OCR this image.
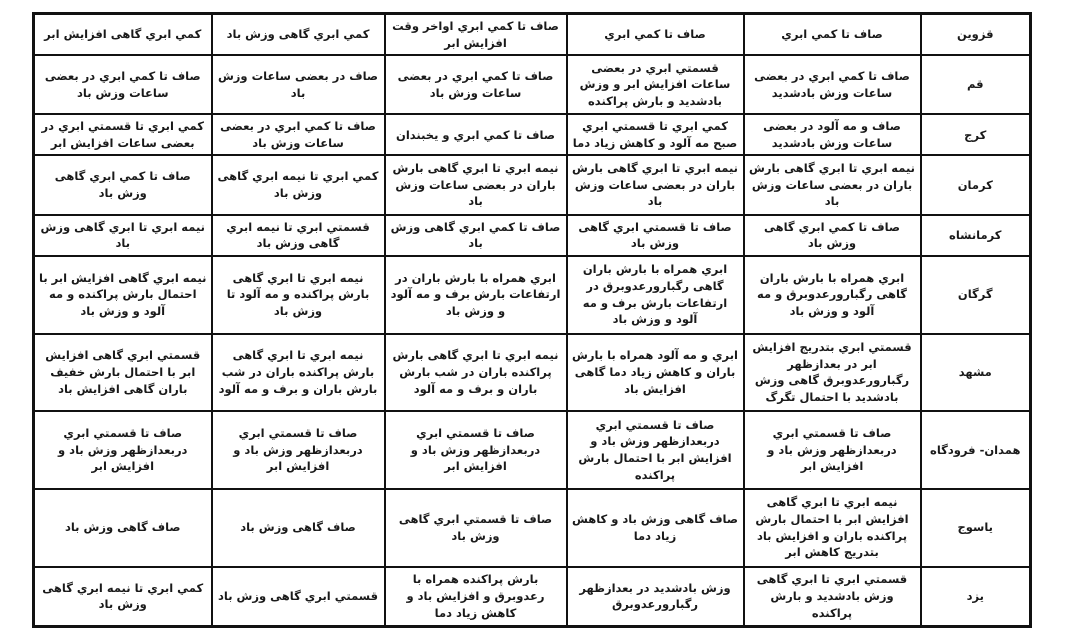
قزوين	صاف تا کمي ابري	صاف تا کمي ابري	صاف تا کمي ابري اواخر وقت افزايش ابر	کمي ابري گاهی وزش باد	کمي ابري گاهی افزايش ابر
قم	صاف تا کمي ابري در بعضی ساعات وزش بادشديد	قسمتي ابري در بعضی ساعات افزايش ابر و وزش بادشديد و بارش پراکنده	صاف تا کمي ابري در بعضی ساعات وزش باد	صاف در بعضی ساعات وزش باد	صاف تا کمي ابري در بعضی ساعات وزش باد
کرج	صاف و مه آلود در بعضی ساعات وزش بادشديد	کمي ابري تا قسمتي ابري صبح مه آلود و کاهش زياد دما	صاف تا کمي ابري و يخبندان	صاف تا کمي ابري در بعضی ساعات وزش باد	کمي ابري تا قسمتي ابري در بعضی ساعات افزايش ابر
کرمان	نيمه ابري تا ابري گاهی بارش باران در بعضی ساعات وزش باد	نيمه ابري تا ابري گاهی بارش باران در بعضی ساعات وزش باد	نيمه ابري تا ابري گاهی بارش باران در بعضی ساعات وزش باد	کمي ابري تا نيمه ابري گاهی وزش باد	صاف تا کمي ابري گاهی وزش باد
کرمانشاه	صاف تا کمي ابري گاهی وزش باد	صاف تا قسمتي ابري گاهی وزش باد	صاف تا کمي ابري گاهی وزش باد	قسمتي ابري تا نيمه ابري گاهی وزش باد	نيمه ابري تا ابري گاهی وزش باد
گرگان	ابري همراه با بارش باران گاهی رگبارورعدوبرق و مه آلود و وزش باد	ابري همراه با بارش باران گاهی رگبارورعدوبرق در ارتفاعات بارش برف و مه آلود و وزش باد	ابري همراه با بارش باران در ارتفاعات بارش برف و مه آلود و وزش باد	نيمه ابري تا ابري گاهی بارش پراکنده و مه آلود تا وزش باد	نيمه ابري گاهی افزايش ابر با احتمال بارش پراکنده و مه آلود و وزش باد
مشهد	قسمتي ابري بتدريج افزايش ابر در بعدازظهر رگبارورعدوبرق گاهی وزش بادشديد با احتمال تگرگ	ابري و مه آلود همراه با بارش باران و کاهش زياد دما گاهی افزايش باد	نيمه ابري تا ابري گاهی بارش پراکنده باران در شب بارش باران و برف و مه آلود	نيمه ابري تا ابري گاهی بارش پراکنده باران در شب بارش باران و برف و مه آلود	قسمتي ابري گاهی افزايش ابر با احتمال بارش خفيف باران گاهی افزايش باد
همدان- فرودگاه	صاف تا قسمتي ابري دربعدازظهر وزش باد و افزايش ابر	صاف تا قسمتي ابري دربعدازظهر وزش باد و افزايش ابر با احتمال بارش پراکنده	صاف تا قسمتي ابري دربعدازظهر وزش باد و افزايش ابر	صاف تا قسمتي ابري دربعدازظهر وزش باد و افزايش ابر	صاف تا قسمتي ابري دربعدازظهر وزش باد و افزايش ابر
ياسوج	نيمه ابري تا ابري گاهی افزايش ابر با احتمال بارش پراکنده باران و افزايش باد بتدريج کاهش ابر	صاف گاهی وزش باد و کاهش زياد دما	صاف تا قسمتي ابري گاهی وزش باد	صاف گاهی وزش باد	صاف گاهی وزش باد
يزد	قسمتي ابري تا ابري گاهی وزش بادشديد و بارش پراکنده	وزش بادشديد در بعدازظهر رگبارورعدوبرق	بارش پراکنده همراه با رعدوبرق و افزايش باد و کاهش زياد دما	قسمتي ابري گاهی وزش باد	کمي ابري تا نيمه ابري گاهی وزش باد
